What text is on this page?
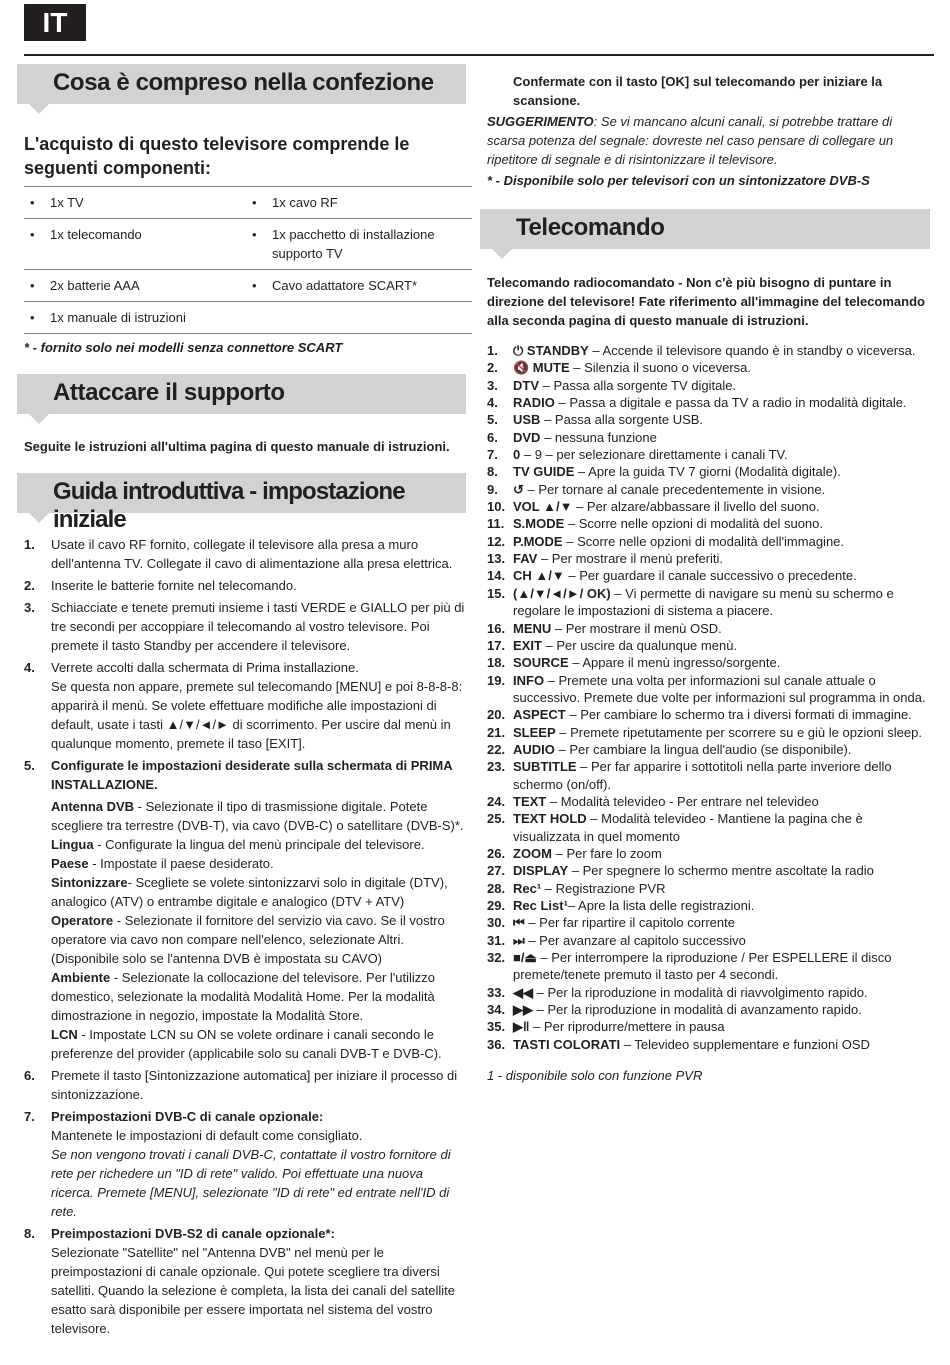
IT
Cosa è compreso nella confezione
L'acquisto di questo televisore comprende le seguenti componenti:
• 1x TV	• 1x cavo RF
• 1x telecomando	• 1x pacchetto di installazione supporto TV

• 2x batterie AAA	• Cavo adattatore SCART*
• 1x manuale di istruzioni	
* - fornito solo nei modelli senza connettore SCART
Attaccare il supporto
Seguite le istruzioni all'ultima pagina di questo manuale di istruzioni.
Guida introduttiva - impostazione iniziale
1. Usate il cavo RF fornito, collegate il televisore alla presa a muro dell'antenna TV. Collegate il cavo di alimentazione alla presa elettrica.
2. Inserite le batterie fornite nel telecomando.
3. Schiacciate e tenete premuti insieme i tasti VERDE e GIALLO per più di tre secondi per accoppiare il telecomando al vostro televisore. Poi premete il tasto Standby per accendere il televisore.
4. Verrete accolti dalla schermata di Prima installazione.
Se questa non appare, premete sul telecomando [MENU] e poi 8-8-8-8: apparirà il menù. Se volete effettuare modifiche alle impostazioni di default, usate i tasti ▲/▼/◄/► di scorrimento. Per uscire dal menù in qualunque momento, premete il taso [EXIT].
5. Configurate le impostazioni desiderate sulla schermata di PRIMA INSTALLAZIONE.
Antenna DVB - Selezionate il tipo di trasmissione digitale. Potete scegliere tra terrestre (DVB-T), via cavo (DVB-C) o satellitare (DVB-S)*.
Lingua - Configurate la lingua del menù principale del televisore.
Paese - Impostate il paese desiderato.
Sintonizzare- Scegliete se volete sintonizzarvi solo in digitale (DTV), analogico (ATV) o entrambe digitale e analogico (DTV + ATV)
Operatore - Selezionate il fornitore del servizio via cavo. Se il vostro operatore via cavo non compare nell'elenco, selezionate Altri. (Disponibile solo se l'antenna DVB è impostata su CAVO)
Ambiente - Selezionate la collocazione del televisore. Per l'utilizzo domestico, selezionate la modalità Modalità Home. Per la modalità dimostrazione in negozio, impostate la Modalità Store.
LCN - Impostate LCN su ON se volete ordinare i canali secondo le preferenze del provider (applicabile solo su canali DVB-T e DVB-C).
6. Premete il tasto [Sintonizzazione automatica] per iniziare il processo di sintonizzazione.
7. Preimpostazioni DVB-C di canale opzionale:
Mantenete le impostazioni di default come consigliato.
Se non vengono trovati i canali DVB-C, contattate il vostro fornitore di rete per richedere un "ID di rete" valido. Poi effettuate una nuova ricerca. Premete [MENU], selezionate "ID di rete" ed entrate nell'ID di rete.
8. Preimpostazioni DVB-S2 di canale opzionale*:
Selezionate "Satellite" nel "Antenna DVB" nel menù per le preimpostazioni di canale opzionale. Qui potete scegliere tra diversi satelliti. Quando la selezione è completa, la lista dei canali del satellite esatto sarà disponibile per essere importata nel sistema del vostro televisore.
Confermate con il tasto [OK] sul telecomando per iniziare la scansione.
SUGGERIMENTO: Se vi mancano alcuni canali, si potrebbe trattare di scarsa potenza del segnale: dovreste nel caso pensare di collegare un ripetitore di segnale e di risintonizzare il televisore.
* - Disponibile solo per televisori con un sintonizzatore DVB-S
Telecomando
Telecomando radiocomandato - Non c'è più bisogno di puntare in direzione del televisore! Fate riferimento all'immagine del telecomando alla seconda pagina di questo manuale di istruzioni.
1. ⏻ STANDBY – Accende il televisore quando è in standby o viceversa.
2. 🔇 MUTE – Silenzia il suono o viceversa.
3. DTV – Passa alla sorgente TV digitale.
4. RADIO – Passa a digitale e passa da TV a radio in modalità digitale.
5. USB – Passa alla sorgente USB.
6. DVD – nessuna funzione
7. 0 – 9 – per selezionare direttamente i canali TV.
8. TV GUIDE – Apre la guida TV 7 giorni (Modalità digitale).
9. ↺ – Per tornare al canale precedentemente in visione.
10. VOL ▲/▼ – Per alzare/abbassare il livello del suono.
11. S.MODE – Scorre nelle opzioni di modalità del suono.
12. P.MODE – Scorre nelle opzioni di modalità dell'immagine.
13. FAV – Per mostrare il menù preferiti.
14. CH ▲/▼ – Per guardare il canale successivo o precedente.
15. (▲/▼/◄/►/ OK) – Vi permette di navigare su menù su schermo e regolare le impostazioni di sistema a piacere.
16. MENU – Per mostrare il menù OSD.
17. EXIT – Per uscire da qualunque menù.
18. SOURCE – Appare il menù ingresso/sorgente.
19. INFO – Premete una volta per informazioni sul canale attuale o successivo. Premete due volte per informazioni sul programma in onda.
20. ASPECT – Per cambiare lo schermo tra i diversi formati di immagine.
21. SLEEP – Premete ripetutamente per scorrere su e giù le opzioni sleep.
22. AUDIO – Per cambiare la lingua dell'audio (se disponibile).
23. SUBTITLE – Per far apparire i sottotitoli nella parte inveriore dello schermo (on/off).
24. TEXT – Modalità televideo - Per entrare nel televideo
25. TEXT HOLD – Modalità televideo - Mantiene la pagina che è visualizzata in quel momento
26. ZOOM – Per fare lo zoom
27. DISPLAY – Per spegnere lo schermo mentre ascoltate la radio
28. Rec¹ – Registrazione PVR
29. Rec List¹– Apre la lista delle registrazioni.
30. ⏮ – Per far ripartire il capitolo corrente
31. ⏭ – Per avanzare al capitolo successivo
32. ■/⏏ – Per interrompere la riproduzione / Per ESPELLERE il disco premete/tenete premuto il tasto per 4 secondi.
33. ◀◀ – Per la riproduzione in modalità di riavvolgimento rapido.
34. ▶▶ – Per la riproduzione in modalità di avanzamento rapido.
35. ▶‖ – Per riprodurre/mettere in pausa
36. TASTI COLORATI – Televideo supplementare e funzioni OSD
1 - disponibile solo con funzione PVR
